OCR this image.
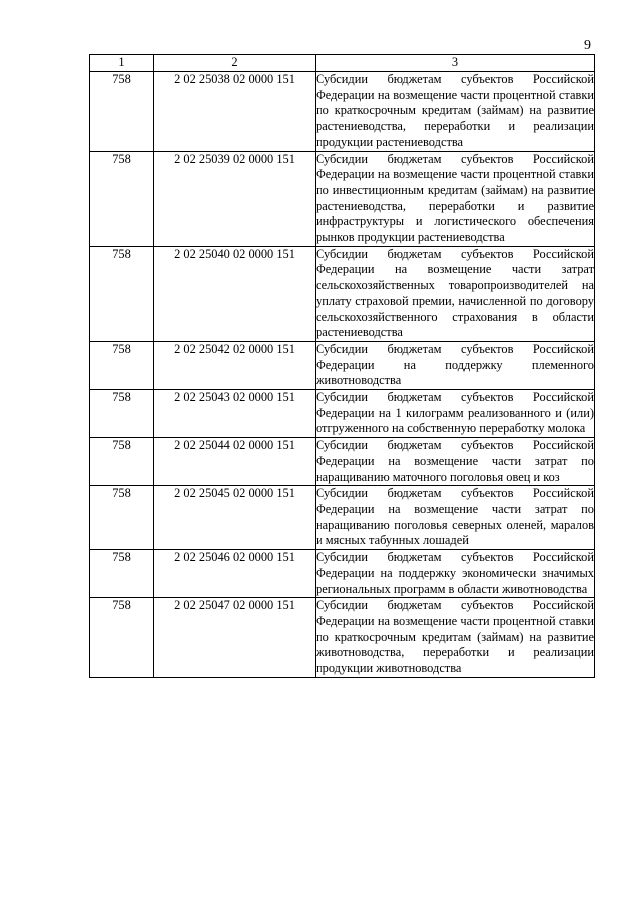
9
1	2	3
758	2 02 25038 02 0000 151	Субсидии бюджетам субъектов Российской Федерации на возмещение части процентной ставки по краткосрочным кредитам (займам) на развитие растениеводства, переработки и реализации продукции растениеводства
758	2 02 25039 02 0000 151	Субсидии бюджетам субъектов Российской Федерации на возмещение части процентной ставки по инвестиционным кредитам (займам) на развитие растениеводства, переработки и развитие инфраструктуры и логистического обеспечения рынков продукции растениеводства
758	2 02 25040 02 0000 151	Субсидии бюджетам субъектов Российской Федерации на возмещение части затрат сельскохозяйственных товаропроизводителей на уплату страховой премии, начисленной по договору сельскохозяйственного страхования в области растениеводства
758	2 02 25042 02 0000 151	Субсидии бюджетам субъектов Российской Федерации на поддержку племенного животноводства
758	2 02 25043 02 0000 151	Субсидии бюджетам субъектов Российской Федерации на 1 килограмм реализованного и (или) отгруженного на собственную переработку молока
758	2 02 25044 02 0000 151	Субсидии бюджетам субъектов Российской Федерации на возмещение части затрат по наращиванию маточного поголовья овец и коз
758	2 02 25045 02 0000 151	Субсидии бюджетам субъектов Российской Федерации на возмещение части затрат по наращиванию поголовья северных оленей, маралов и мясных табунных лошадей
758	2 02 25046 02 0000 151	Субсидии бюджетам субъектов Российской Федерации на поддержку экономически значимых региональных программ в области животноводства
758	2 02 25047 02 0000 151	Субсидии бюджетам субъектов Российской Федерации на возмещение части процентной ставки по краткосрочным кредитам (займам) на развитие животноводства, переработки и реализации продукции животноводства
